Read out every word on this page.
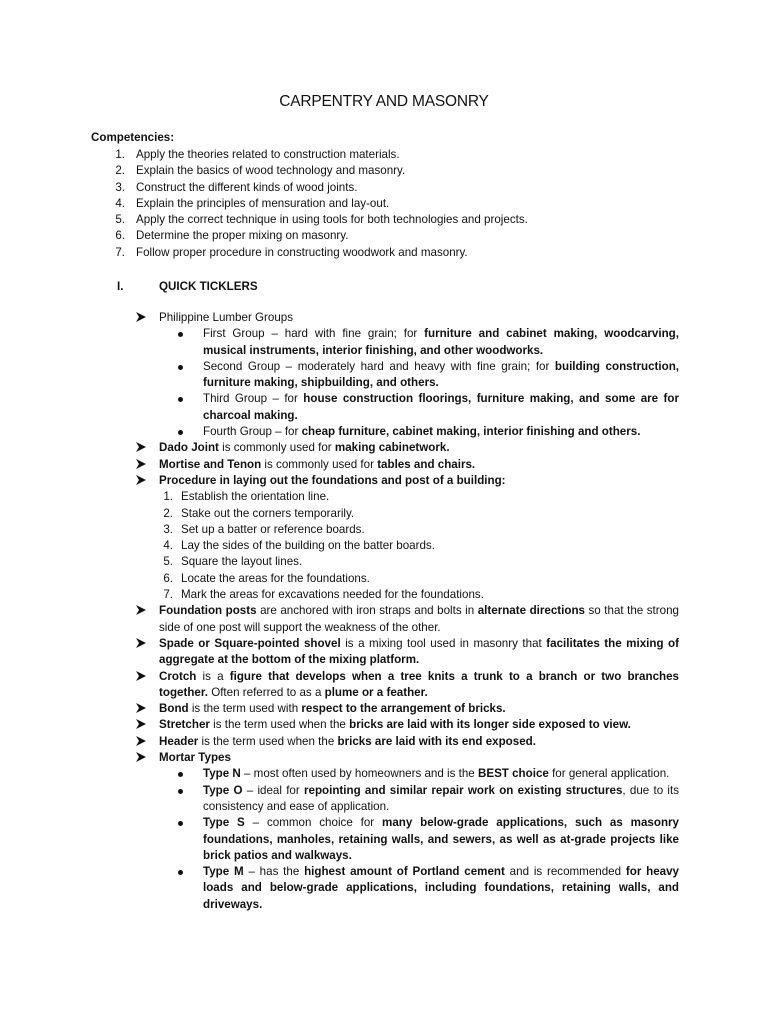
CARPENTRY AND MASONRY
Competencies:
1. Apply the theories related to construction materials.
2. Explain the basics of wood technology and masonry.
3. Construct the different kinds of wood joints.
4. Explain the principles of mensuration and lay-out.
5. Apply the correct technique in using tools for both technologies and projects.
6. Determine the proper mixing on masonry.
7. Follow proper procedure in constructing woodwork and masonry.
I.	QUICK TICKLERS
Philippine Lumber Groups
First Group – hard with fine grain; for furniture and cabinet making, woodcarving, musical instruments, interior finishing, and other woodworks.
Second Group – moderately hard and heavy with fine grain; for building construction, furniture making, shipbuilding, and others.
Third Group – for house construction floorings, furniture making, and some are for charcoal making.
Fourth Group – for cheap furniture, cabinet making, interior finishing and others.
Dado Joint is commonly used for making cabinetwork.
Mortise and Tenon is commonly used for tables and chairs.
Procedure in laying out the foundations and post of a building:
1. Establish the orientation line.
2. Stake out the corners temporarily.
3. Set up a batter or reference boards.
4. Lay the sides of the building on the batter boards.
5. Square the layout lines.
6. Locate the areas for the foundations.
7. Mark the areas for excavations needed for the foundations.
Foundation posts are anchored with iron straps and bolts in alternate directions so that the strong side of one post will support the weakness of the other.
Spade or Square-pointed shovel is a mixing tool used in masonry that facilitates the mixing of aggregate at the bottom of the mixing platform.
Crotch is a figure that develops when a tree knits a trunk to a branch or two branches together. Often referred to as a plume or a feather.
Bond is the term used with respect to the arrangement of bricks.
Stretcher is the term used when the bricks are laid with its longer side exposed to view.
Header is the term used when the bricks are laid with its end exposed.
Mortar Types
Type N – most often used by homeowners and is the BEST choice for general application.
Type O – ideal for repointing and similar repair work on existing structures, due to its consistency and ease of application.
Type S – common choice for many below-grade applications, such as masonry foundations, manholes, retaining walls, and sewers, as well as at-grade projects like brick patios and walkways.
Type M – has the highest amount of Portland cement and is recommended for heavy loads and below-grade applications, including foundations, retaining walls, and driveways.
